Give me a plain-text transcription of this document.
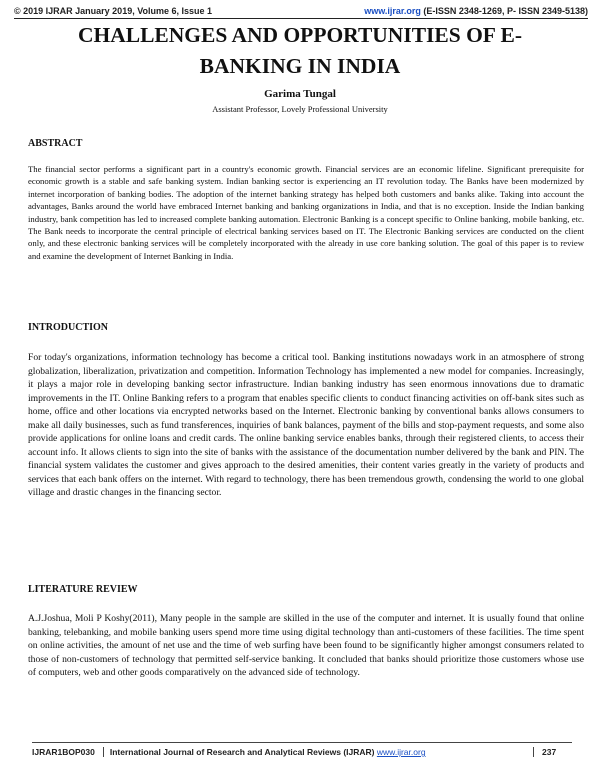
© 2019 IJRAR January 2019, Volume 6, Issue 1	www.ijrar.org (E-ISSN 2348-1269, P- ISSN 2349-5138)
CHALLENGES AND OPPORTUNITIES OF E-BANKING IN INDIA

Garima Tungal

Assistant Professor, Lovely Professional University

ABSTRACT

The financial sector performs a significant part in a country's economic growth. Financial services are an economic lifeline. Significant prerequisite for economic growth is a stable and safe banking system. Indian banking sector is experiencing an IT revolution today. The Banks have been modernized by internet incorporation of banking bodies. The adoption of the internet banking strategy has helped both customers and banks alike. Taking into account the advantages, Banks around the world have embraced Internet banking and banking organizations in India, and that is no exception. Inside the Indian banking industry, bank competition has led to increased complete banking automation. Electronic Banking is a concept specific to Online banking, mobile banking, etc. The Bank needs to incorporate the central principle of electrical banking services based on IT. The Electronic Banking services are conducted on the client only, and these electronic banking services will be completely incorporated with the already in use core banking solution. The goal of this paper is to review and examine the development of Internet Banking in India.

INTRODUCTION

For today's organizations, information technology has become a critical tool. Banking institutions nowadays work in an atmosphere of strong globalization, liberalization, privatization and competition. Information Technology has implemented a new model for companies. Increasingly, it plays a major role in developing banking sector infrastructure. Indian banking industry has seen enormous innovations due to dramatic improvements in the IT. Online Banking refers to a program that enables specific clients to conduct financing activities on off-bank sites such as home, office and other locations via encrypted networks based on the Internet. Electronic banking by conventional banks allows consumers to make all daily businesses, such as fund transferences, inquiries of bank balances, payment of the bills and stop-payment requests, and some also provide applications for online loans and credit cards. The online banking service enables banks, through their registered clients, to access their account info. It allows clients to sign into the site of banks with the assistance of the documentation number delivered by the bank and PIN. The financial system validates the customer and gives approach to the desired amenities, their content varies greatly in the variety of products and services that each bank offers on the internet. With regard to technology, there has been tremendous growth, condensing the world to one global village and drastic changes in the financing sector.

LITERATURE REVIEW

A.J.Joshua, Moli P Koshy(2011), Many people in the sample are skilled in the use of the computer and internet. It is usually found that online banking, telebanking, and mobile banking users spend more time using digital technology than anti-customers of these facilities. The time spent on online activities, the amount of net use and the time of web surfing have been found to be significantly higher amongst consumers related to those of non-customers of technology that permitted self-service banking. It concluded that banks should prioritize those customers whose use of computers, web and other goods comparatively on the advanced side of technology.

IJRAR1BOP030	International Journal of Research and Analytical Reviews (IJRAR) www.ijrar.org	237
